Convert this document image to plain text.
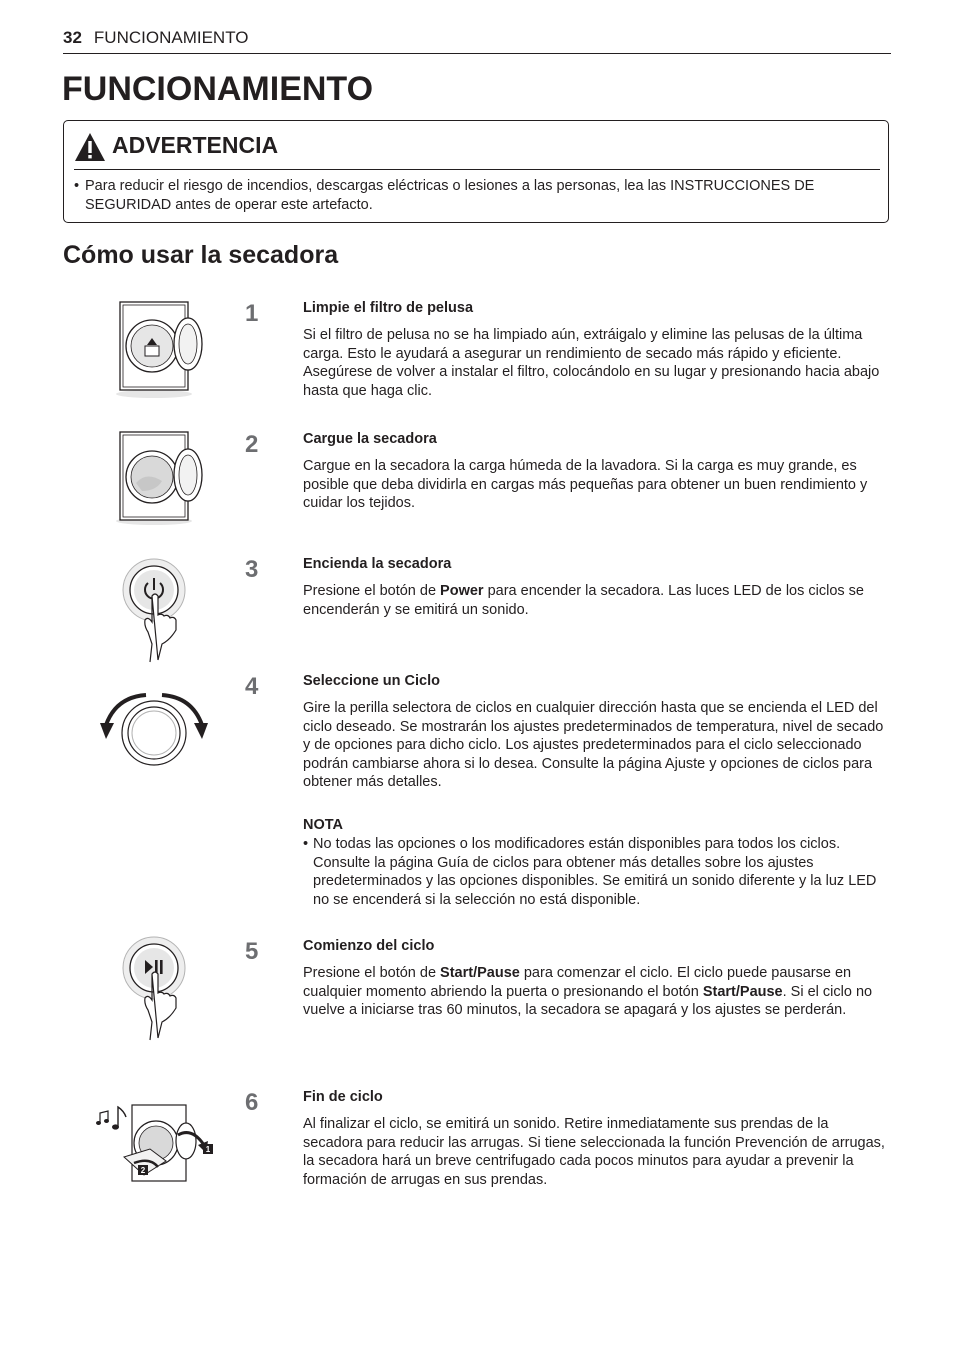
32 FUNCIONAMIENTO
FUNCIONAMIENTO
ADVERTENCIA
• Para reducir el riesgo de incendios, descargas eléctricas o lesiones a las personas, lea las INSTRUCCIONES DE SEGURIDAD antes de operar este artefacto.
Cómo usar la secadora
1	Limpie el filtro de pelusa
Si el filtro de pelusa no se ha limpiado aún, extráigalo y elimine las pelusas de la última carga. Esto le ayudará a asegurar un rendimiento de secado más rápido y eficiente. Asegúrese de volver a instalar el filtro, colocándolo en su lugar y presionando hacia abajo hasta que haga clic.
2	Cargue la secadora
Cargue en la secadora la carga húmeda de la lavadora. Si la carga es muy grande, es posible que deba dividirla en cargas más pequeñas para obtener un buen rendimiento y cuidar los tejidos.
3	Encienda la secadora
Presione el botón de Power para encender la secadora. Las luces LED de los ciclos se encenderán y se emitirá un sonido.
4	Seleccione un Ciclo
Gire la perilla selectora de ciclos en cualquier dirección hasta que se encienda el LED del ciclo deseado. Se mostrarán los ajustes predeterminados de temperatura, nivel de secado y de opciones para dicho ciclo. Los ajustes predeterminados para el ciclo seleccionado podrán cambiarse ahora si lo desea. Consulte la página Ajuste y opciones de ciclos para obtener más detalles.
NOTA
• No todas las opciones o los modificadores están disponibles para todos los ciclos. Consulte la página Guía de ciclos para obtener más detalles sobre los ajustes predeterminados y las opciones disponibles. Se emitirá un sonido diferente y la luz LED no se encenderá si la selección no está disponible.
5	Comienzo del ciclo
Presione el botón de Start/Pause para comenzar el ciclo. El ciclo puede pausarse en cualquier momento abriendo la puerta o presionando el botón Start/Pause. Si el ciclo no vuelve a iniciarse tras 60 minutos, la secadora se apagará y los ajustes se perderán.
1
2
6	Fin de ciclo
Al finalizar el ciclo, se emitirá un sonido. Retire inmediatamente sus prendas de la secadora para reducir las arrugas. Si tiene seleccionada la función Prevención de arrugas, la secadora hará un breve centrifugado cada pocos minutos para ayudar a prevenir la formación de arrugas en sus prendas.
